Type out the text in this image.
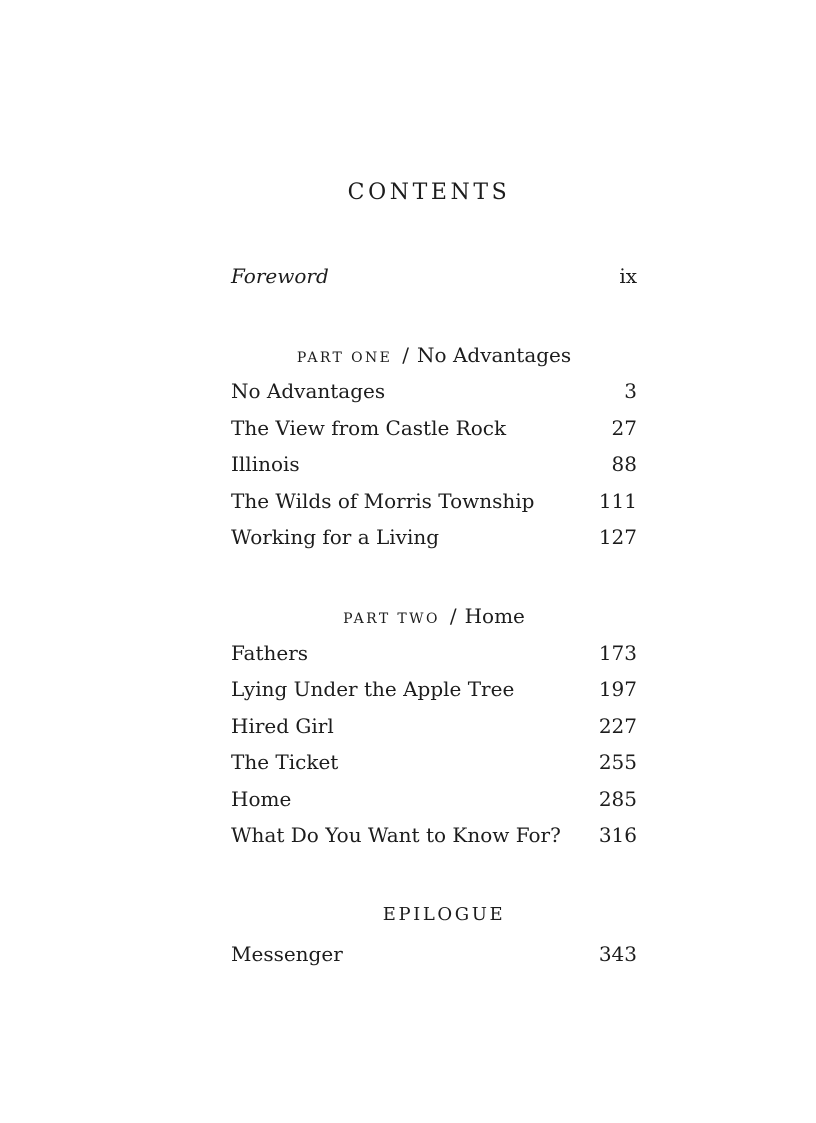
CONTENTS
Foreword	ix
PART ONE / No Advantages
No Advantages	3
The View from Castle Rock	27
Illinois	88
The Wilds of Morris Township	111
Working for a Living	127
PART TWO / Home
Fathers	173
Lying Under the Apple Tree	197
Hired Girl	227
The Ticket	255
Home	285
What Do You Want to Know For? 316
EPILOGUE
Messenger	343
